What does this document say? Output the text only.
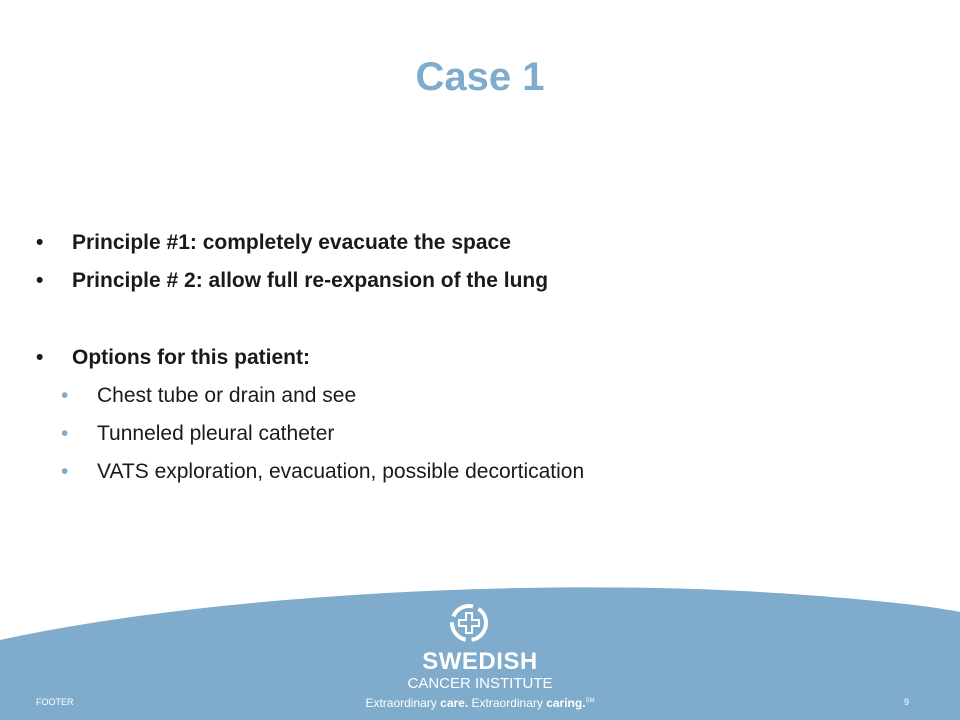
Case 1
• Principle #1: completely evacuate the space
• Principle # 2: allow full re-expansion of the lung
• Options for this patient:
• Chest tube or drain and see
• Tunneled pleural catheter
• VATS exploration, evacuation, possible decortication
SWEDISH
CANCER INSTITUTE
Extraordinary care. Extraordinary caring.℠
FOOTER	9
